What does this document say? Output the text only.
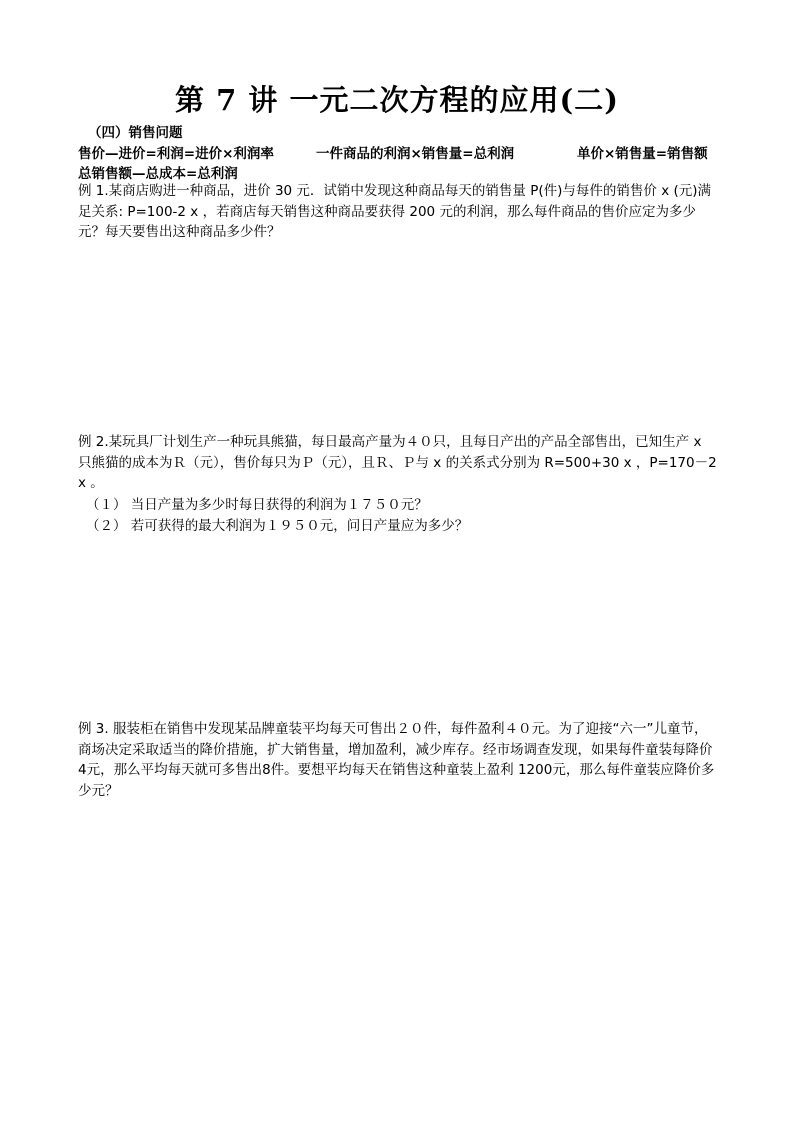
第 7 讲 一元二次方程的应用(二)
（四）销售问题
售价—进价=利润=进价×利润率	一件商品的利润×销售量=总利润	单价×销售量=销售额
总销售额—总成本=总利润
例 1.某商店购进一种商品，进价 30 元．试销中发现这种商品每天的销售量 P(件)与每件的销售价 x (元)满足关系: P=100-2 x ，若商店每天销售这种商品要获得 200 元的利润，那么每件商品的售价应定为多少元？每天要售出这种商品多少件？
例 2.某玩具厂计划生产一种玩具熊猫，每日最高产量为４０只，且每日产出的产品全部售出，已知生产 x 只熊猫的成本为Ｒ（元），售价每只为Ｐ（元），且Ｒ、Ｐ与 x 的关系式分别为 R=500+30 x ，P=170－2 x 。
（１） 当日产量为多少时每日获得的利润为１７５０元？
（２） 若可获得的最大利润为１９５０元，问日产量应为多少？
例 3. 服装柜在销售中发现某品牌童装平均每天可售出２０件，每件盈利４０元。为了迎接“六一”儿童节，商场决定采取适当的降价措施，扩大销售量，增加盈利，减少库存。经市场调查发现，如果每件童装每降价4元，那么平均每天就可多售出8件。要想平均每天在销售这种童装上盈利 1200元，那么每件童装应降价多少元？
